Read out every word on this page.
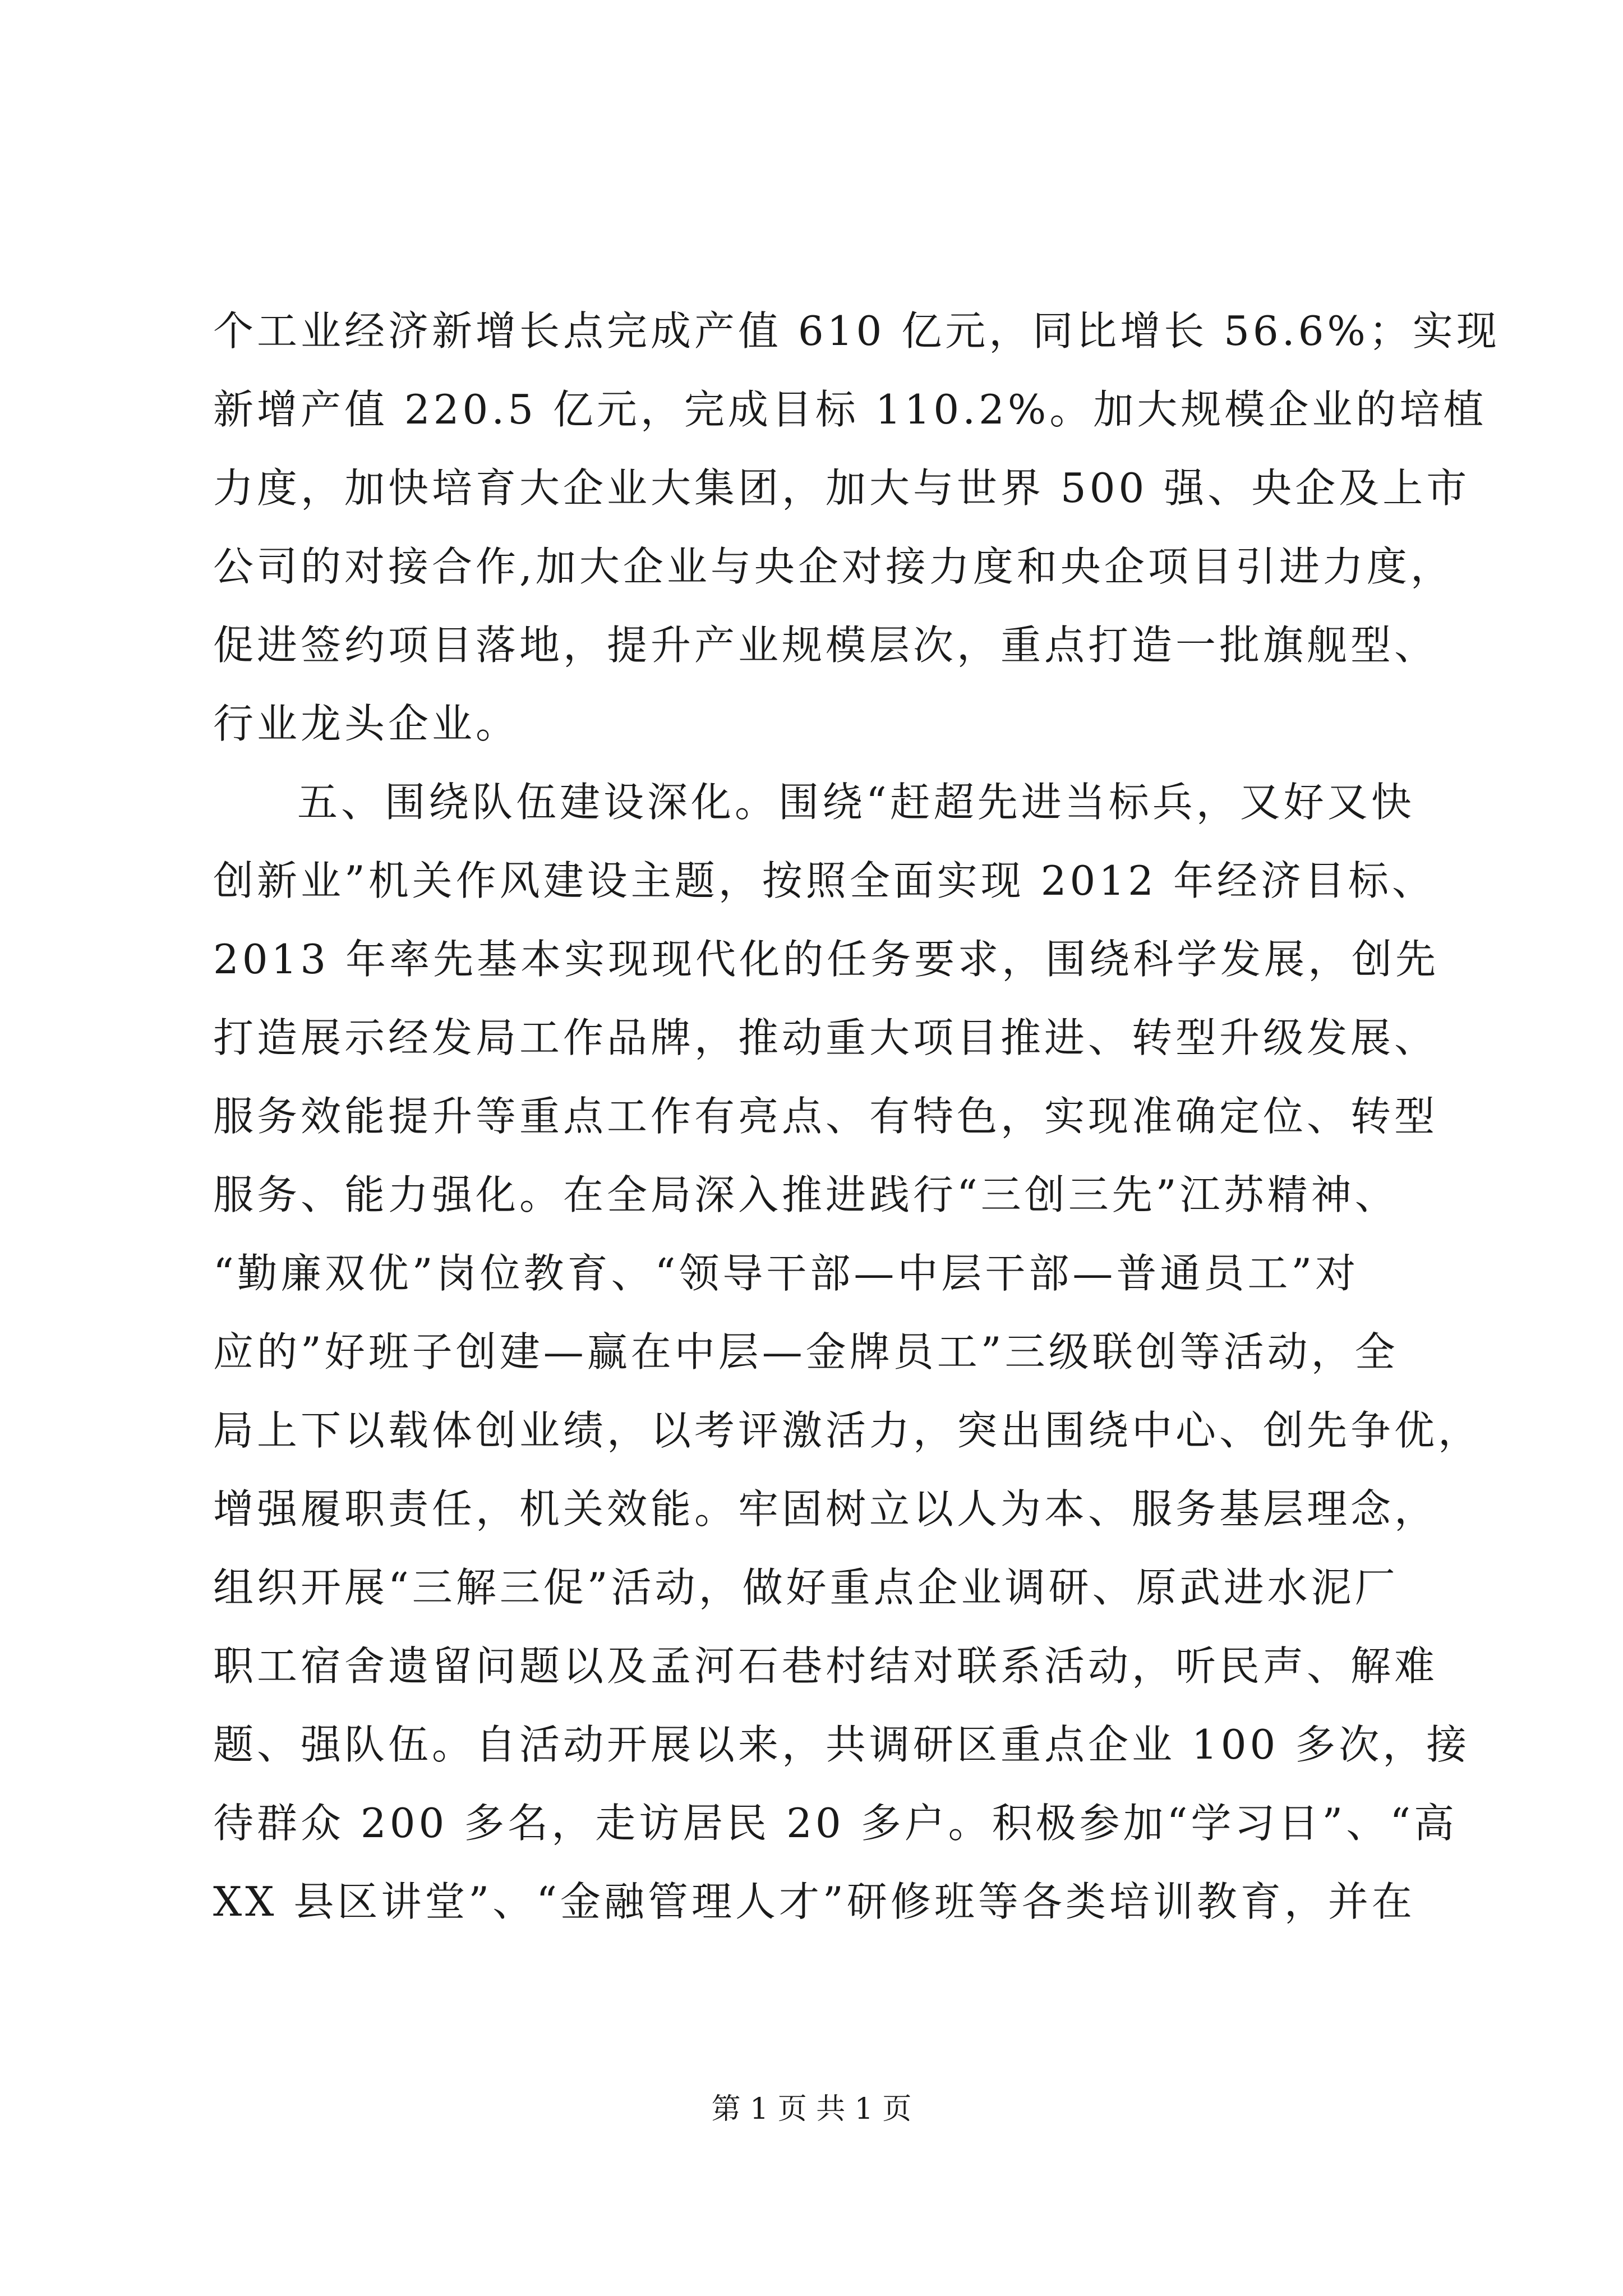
个工业经济新增长点完成产值 610 亿元，同比增长 56.6%；实现
新增产值 220.5 亿元，完成目标 110.2%。加大规模企业的培植
力度，加快培育大企业大集团，加大与世界 500 强、央企及上市
公司的对接合作,加大企业与央企对接力度和央企项目引进力度，
促进签约项目落地，提升产业规模层次，重点打造一批旗舰型、
行业龙头企业。
五、围绕队伍建设深化。围绕“赶超先进当标兵，又好又快
创新业”机关作风建设主题，按照全面实现 2012 年经济目标、
2013 年率先基本实现现代化的任务要求，围绕科学发展，创先
打造展示经发局工作品牌，推动重大项目推进、转型升级发展、
服务效能提升等重点工作有亮点、有特色，实现准确定位、转型
服务、能力强化。在全局深入推进践行“三创三先”江苏精神、
“勤廉双优”岗位教育、“领导干部—中层干部—普通员工”对
应的”好班子创建—赢在中层—金牌员工”三级联创等活动，全
局上下以载体创业绩，以考评激活力，突出围绕中心、创先争优，
增强履职责任，机关效能。牢固树立以人为本、服务基层理念，
组织开展“三解三促”活动，做好重点企业调研、原武进水泥厂
职工宿舍遗留问题以及孟河石巷村结对联系活动，听民声、解难
题、强队伍。自活动开展以来，共调研区重点企业 100 多次，接
待群众 200 多名，走访居民 20 多户。积极参加“学习日”、“高
XX 县区讲堂”、“金融管理人才”研修班等各类培训教育，并在
第 1 页 共 1 页
